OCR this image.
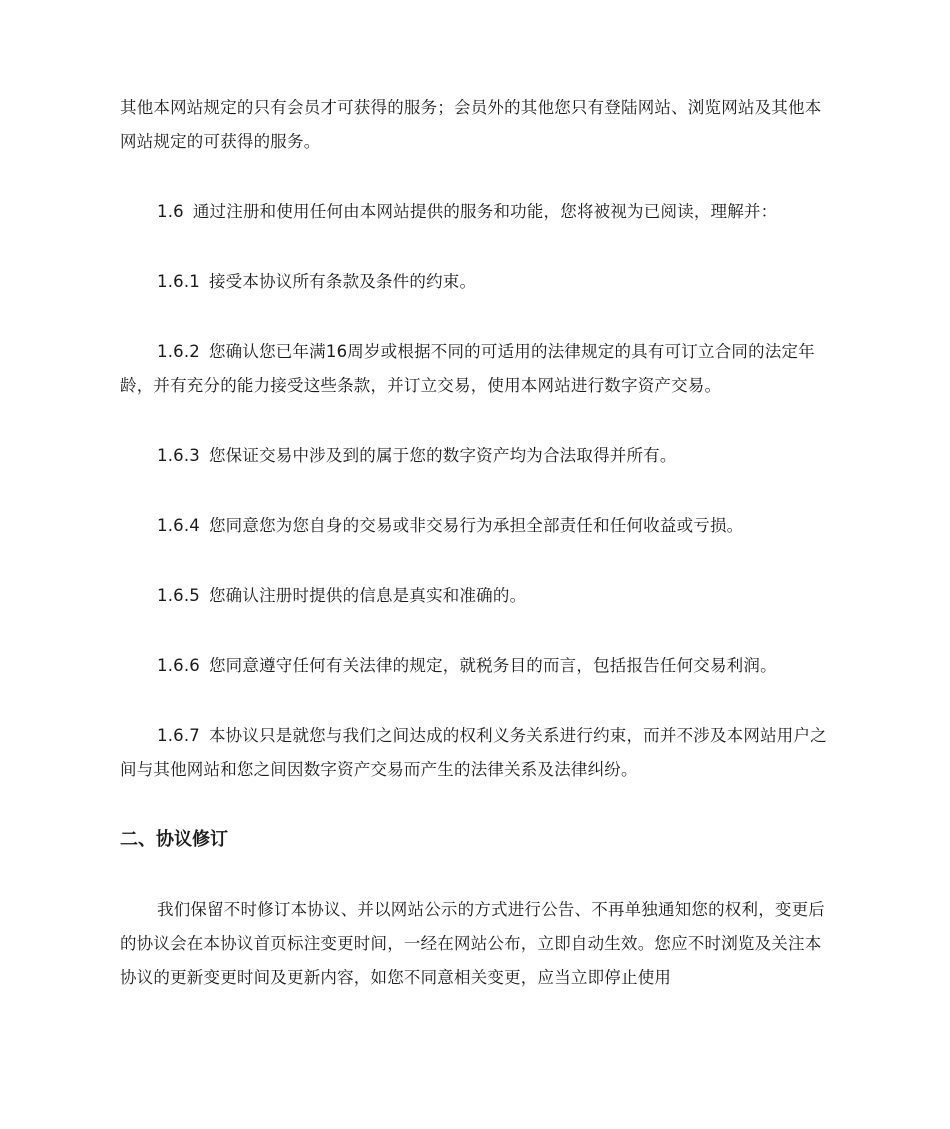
其他本网站规定的只有会员才可获得的服务；会员外的其他您只有登陆网站、浏览网站及其他本网站规定的可获得的服务。

1.6 通过注册和使用任何由本网站提供的服务和功能，您将被视为已阅读，理解并：

1.6.1 接受本协议所有条款及条件的约束。

1.6.2 您确认您已年满16周岁或根据不同的可适用的法律规定的具有可订立合同的法定年龄，并有充分的能力接受这些条款，并订立交易，使用本网站进行数字资产交易。

1.6.3 您保证交易中涉及到的属于您的数字资产均为合法取得并所有。

1.6.4 您同意您为您自身的交易或非交易行为承担全部责任和任何收益或亏损。

1.6.5 您确认注册时提供的信息是真实和准确的。

1.6.6 您同意遵守任何有关法律的规定，就税务目的而言，包括报告任何交易利润。

1.6.7 本协议只是就您与我们之间达成的权利义务关系进行约束，而并不涉及本网站用户之间与其他网站和您之间因数字资产交易而产生的法律关系及法律纠纷。

二、协议修订

我们保留不时修订本协议、并以网站公示的方式进行公告、不再单独通知您的权利，变更后的协议会在本协议首页标注变更时间，一经在网站公布，立即自动生效。您应不时浏览及关注本协议的更新变更时间及更新内容，如您不同意相关变更，应当立即停止使用
